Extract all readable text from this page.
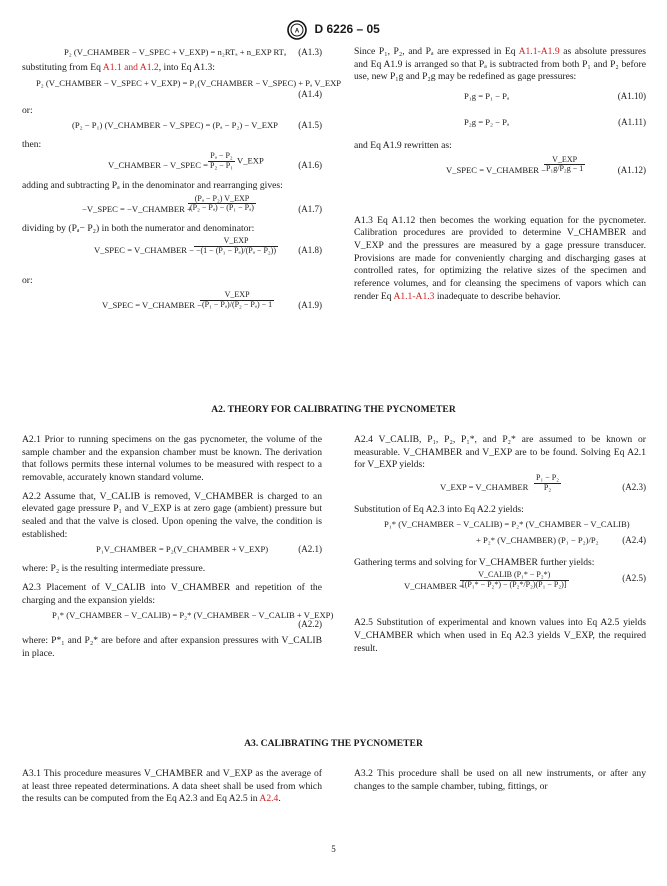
A D 6226 – 05
P₂ (V_CHAMBER − V_SPEC + V_EXP) = n₂RTₐ + n_EXP RTₐ (A1.3)

substituting from Eq A1.1 and A1.2, into Eq A1.3:

P₂ (V_CHAMBER − V_SPEC + V_EXP) = P₁(V_CHAMBER − V_SPEC) + Pₐ V_EXP
(A1.4)

or:

(P₂ − P₁) (V_CHAMBER − V_SPEC) = (Pₐ − P₂) − V_EXP (A1.5)

then:

V_CHAMBER − V_SPEC = $\frac{\text{Pₐ − P₂}}{\text{P₂ − P₁}}$ V_EXP	(A1.6)

adding and subtracting Pₐ in the denominator and rearranging gives:

−V_SPEC = −V_CHAMBER +
$\frac{\text{(Pₐ − P₂) V\_EXP}}{\text{(P₂ − Pₐ) − (P₁ − Pₐ)}}$	(A1.7)

dividing by (Pₐ− P₂) in both the numerator and denominator:

V_SPEC = V_CHAMBER − $\frac{\text{V\_EXP}}{\text{−(1 − (P₁ − Pₐ)/(Pₐ − P₂))}} (A1.8)$

or:

V_SPEC = V_CHAMBER −
$\frac{\text{V\_EXP}}{\text{(P₁ − Pₐ)/(P₂ − Pₐ) − 1}}$	(A1.9)

Since P₁, P₂, and Pₐ are expressed in Eq A1.1-A1.9 as absolute pressures and Eq A1.9 is arranged so that Pₐ is subtracted from both P₁ and P₂ before use, new P₁g and P₂g may be redefined as gage pressures:

P₁g = P₁ − Pₐ	(A1.10)
P₂g = P₂ − Pₐ	(A1.11)

and Eq A1.9 rewritten as:

V_SPEC = V_CHAMBER −
$\frac{\text{V\_EXP}}{\text{P₁g/P₂g − 1}}$	(A1.12)

A1.3 Eq A1.12 then becomes the working equation for the pycnometer. Calibration procedures are provided to determine V_CHAMBER and V_EXP and the pressures are measured by a gage pressure transducer. Provisions are made for conveniently charging and discharging gases at controlled rates, for optimizing the relative sizes of the specimen and reference volumes, and for cleansing the specimens of vapors which can render Eq A1.1-A1.3 inadequate to describe behavior.

A2. THEORY FOR CALIBRATING THE PYCNOMETER

A2.1 Prior to running specimens on the gas pycnometer, the volume of the sample chamber and the expansion chamber must be known. The derivation that follows permits these internal volumes to be measured with respect to a removable, accurately known standard volume.

A2.2 Assume that, V_CALIB is removed, V_CHAMBER is charged to an elevated gage pressure P₁ and V_EXP is at zero gage (ambient) pressure but sealed and that the valve is closed. Upon opening the valve, the condition is established:

P₁V_CHAMBER = P₂(V_CHAMBER + V_EXP)	(A2.1)

where: P₂ is the resulting intermediate pressure.

A2.3 Placement of V_CALIB into V_CHAMBER and repetition of the charging and the expansion yields:

P₁* (V_CHAMBER − V_CALIB) = P₂* (V_CHAMBER − V_CALIB + V_EXP)
(A2.2)

where: P*₁ and P₂* are before and after expansion pressures with V_CALIB in place.

A2.4 V_CALIB, P₁, P₂, P₁*, and P₂* are assumed to be known or measurable. V_CHAMBER and V_EXP are to be found. Solving Eq A2.1 for V_EXP yields:

V_EXP = V_CHAMBER $\frac{\text{P₁ − P₂}}{\text{P₂}}$	(A2.3)

Substitution of Eq A2.3 into Eq A2.2 yields:

P₁* (V_CHAMBER − V_CALIB) = P₂* (V_CHAMBER − V_CALIB)
+ P₂* (V_CHAMBER) (P₁ − P₂)/P₂	(A2.4)

Gathering terms and solving for V_CHAMBER further yields:

V_CHAMBER =
$\frac{\text{V\_CALIB (P₁* − P₂*)}}{\text{[(P₁* − P₂*) − (P₂*/P₂)(P₁ − P₂)]}}$	(A2.5)

A2.5 Substitution of experimental and known values into Eq A2.5 yields V_CHAMBER which when used in Eq A2.3 yields V_EXP, the required result.

A3. CALIBRATING THE PYCNOMETER

A3.1 This procedure measures V_CHAMBER and V_EXP as the average of at least three repeated determinations. A data sheet shall be used from which the results can be computed from the Eq A2.3 and Eq A2.5 in A2.4.

A3.2 This procedure shall be used on all new instruments, or after any changes to the sample chamber, tubing, fittings, or

5
